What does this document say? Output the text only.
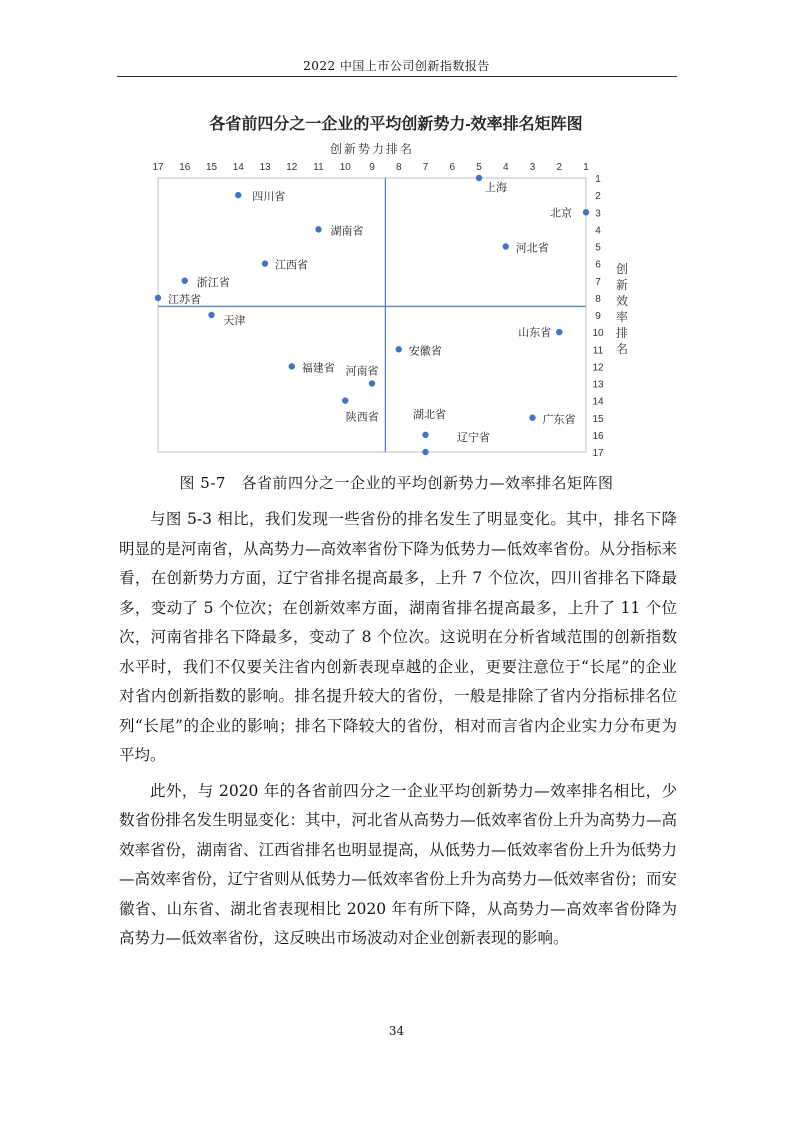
2022 中国上市公司创新指数报告
各省前四分之一企业的平均创新势力-效率排名矩阵图
创新势力排名
17 16 15 14 13 12 11 10 9 8 7 6 5 4 3 2 1
1
2
3
4
5
6
7
8
9
10
11
12
13
14
15
16
17
创新效率排名
上海
北京
四川省
湖南省
河北省
江西省
浙江省
江苏省
天津
山东省
安徽省
福建省 河南省
陕西省	广东省
湖北省
辽宁省
图 5-7　各省前四分之一企业的平均创新势力—效率排名矩阵图

与图 5-3 相比，我们发现一些省份的排名发生了明显变化。其中，排名下降明显的是河南省，从高势力—高效率省份下降为低势力—低效率省份。从分指标来看，在创新势力方面，辽宁省排名提高最多，上升 7 个位次，四川省排名下降最多，变动了 5 个位次；在创新效率方面，湖南省排名提高最多，上升了 11 个位次，河南省排名下降最多，变动了 8 个位次。这说明在分析省域范围的创新指数水平时，我们不仅要关注省内创新表现卓越的企业，更要注意位于“长尾”的企业对省内创新指数的影响。排名提升较大的省份，一般是排除了省内分指标排名位列“长尾”的企业的影响；排名下降较大的省份，相对而言省内企业实力分布更为平均。

此外，与 2020 年的各省前四分之一企业平均创新势力—效率排名相比，少数省份排名发生明显变化：其中，河北省从高势力—低效率省份上升为高势力—高效率省份，湖南省、江西省排名也明显提高，从低势力—低效率省份上升为低势力—高效率省份，辽宁省则从低势力—低效率省份上升为高势力—低效率省份；而安徽省、山东省、湖北省表现相比 2020 年有所下降，从高势力—高效率省份降为高势力—低效率省份，这反映出市场波动对企业创新表现的影响。

34
